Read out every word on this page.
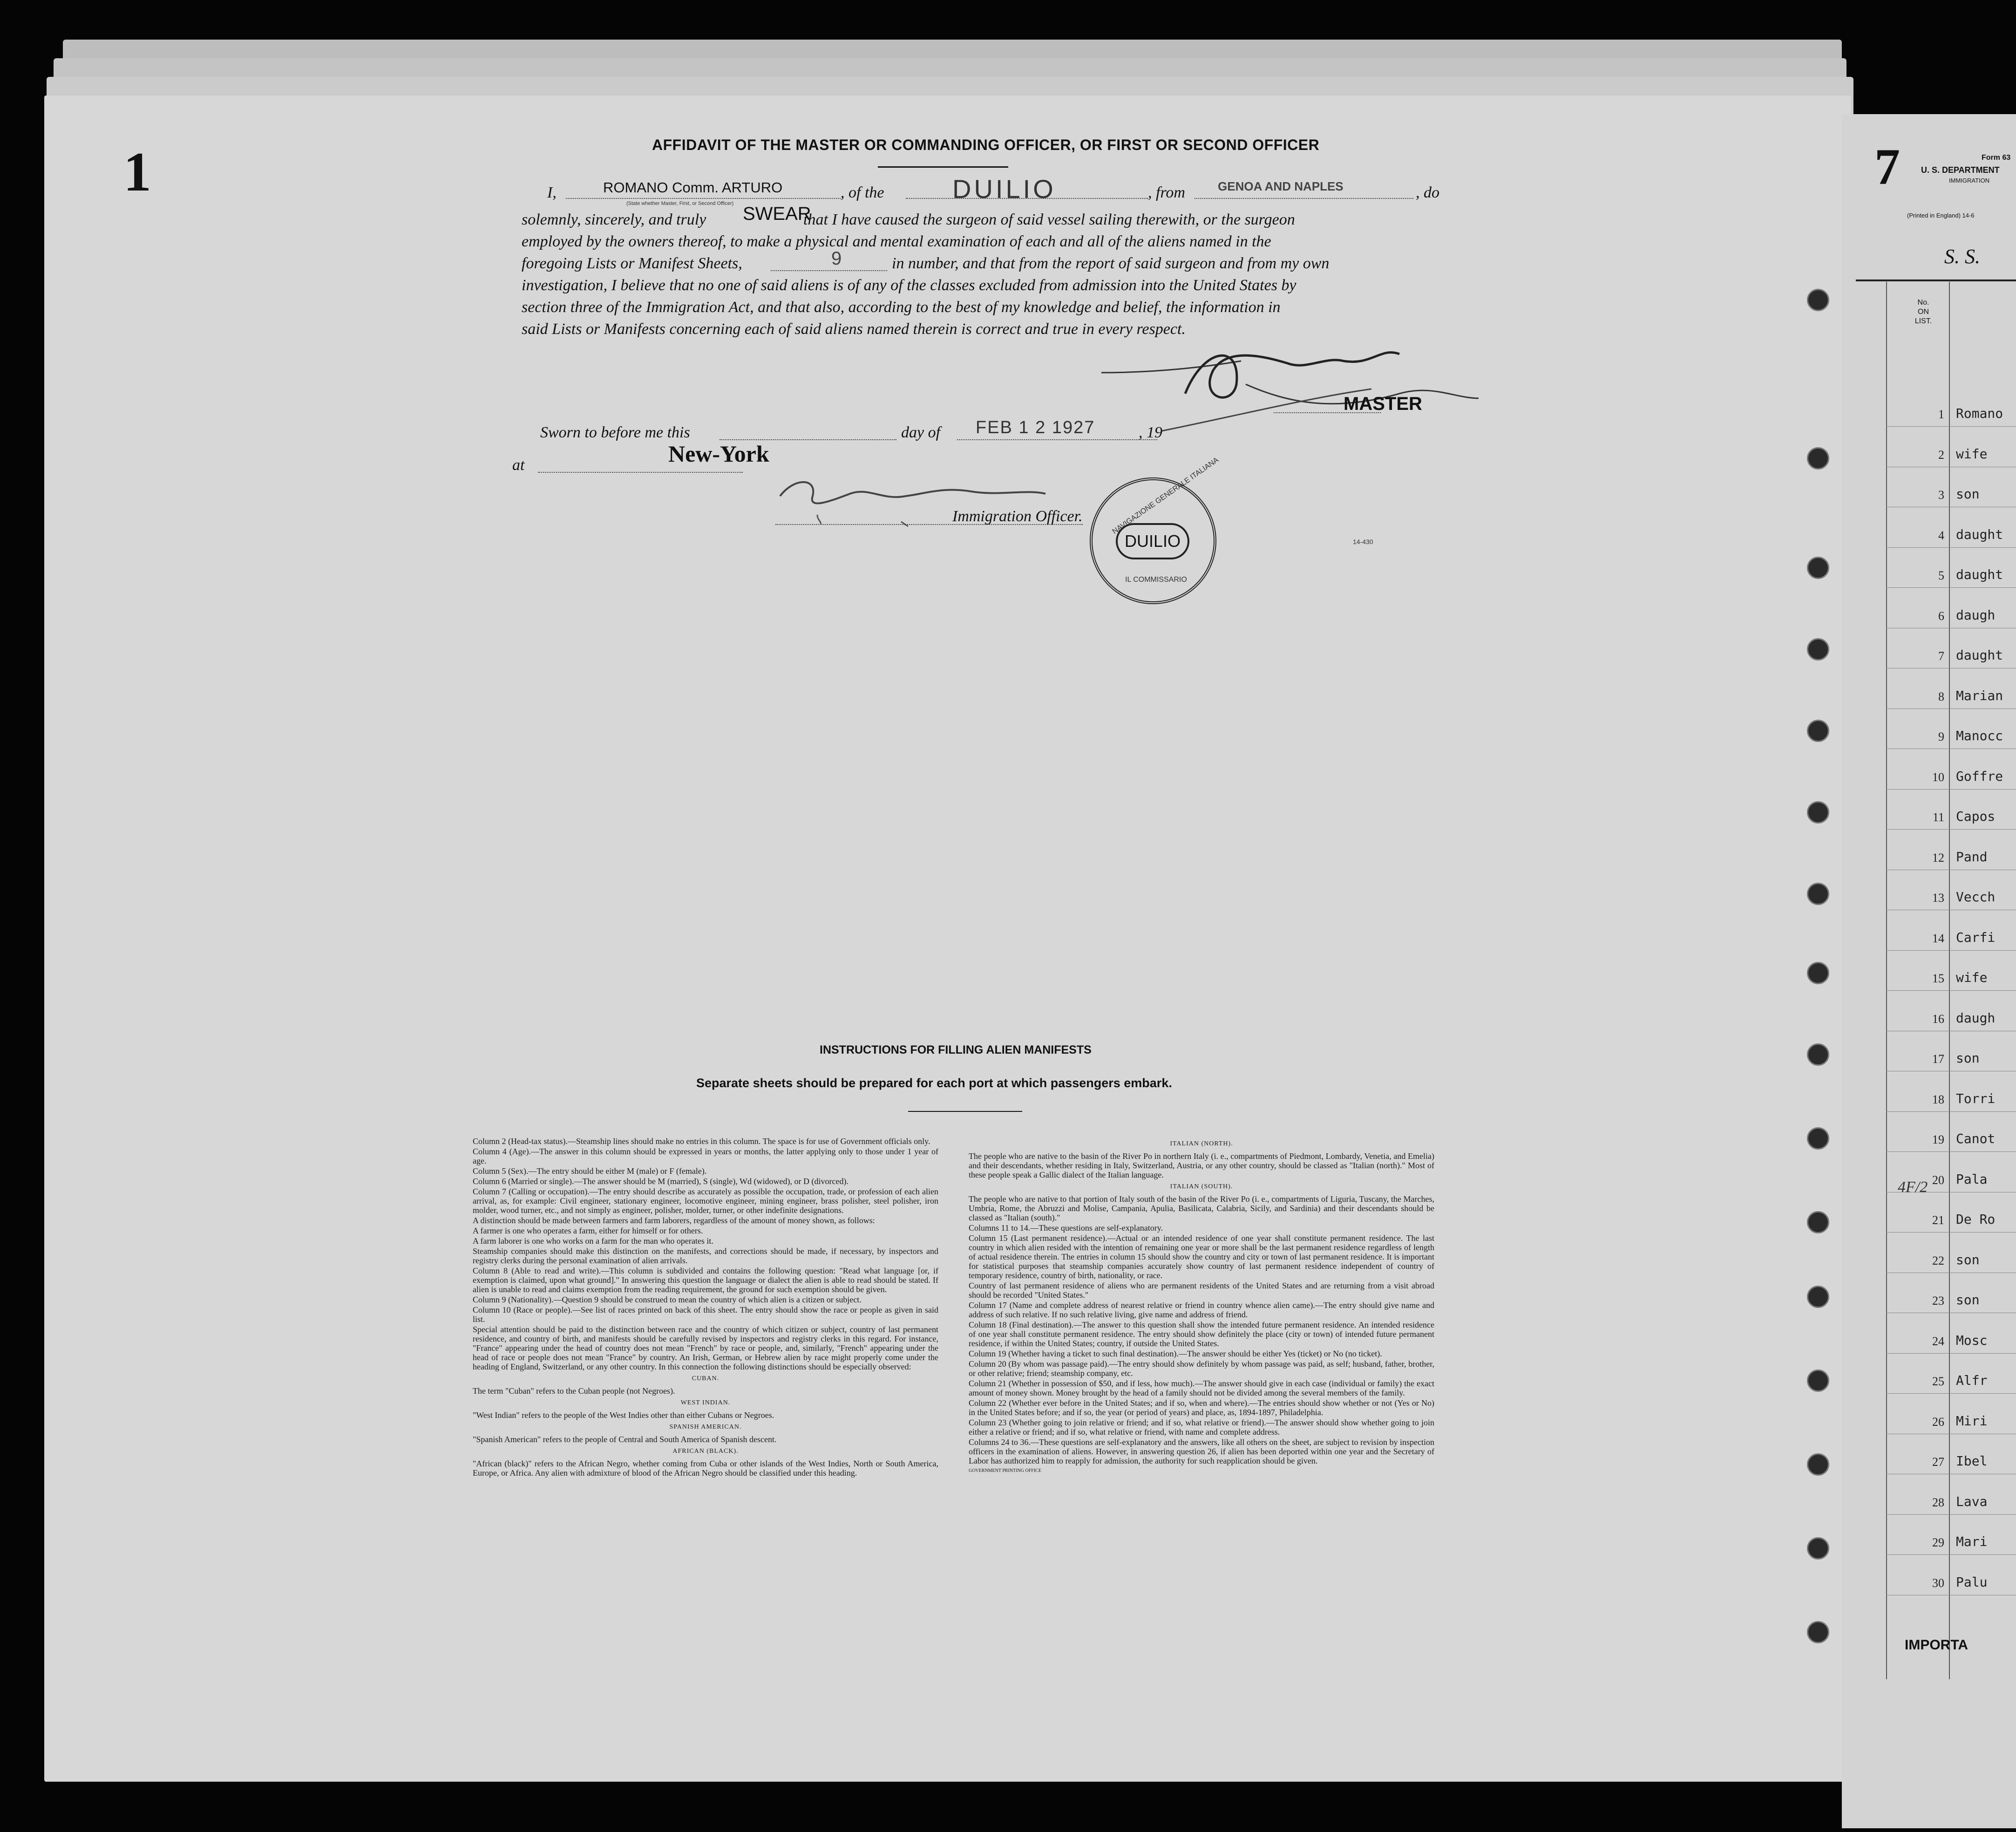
1	AFFIDAVIT OF THE MASTER OR COMMANDING OFFICER, OR FIRST OR SECOND OFFICER
I,	ROMANO Comm. ARTURO
(State whether Master, First, or Second Officer)
, of the	DUILIO	, from	GENOA AND NAPLES	, do
solemnly, sincerely, and truly SWEAR
that I have caused the surgeon of said vessel sailing therewith, or the surgeon
employed by the owners thereof, to make a physical and mental examination of each and all of the aliens named in the
foregoing Lists or Manifest Sheets,	9	in number, and that from the report of said surgeon and from my own
investigation, I believe that no one of said aliens is of any of the classes excluded from admission into the United States by
section three of the Immigration Act, and that also, according to the best of my knowledge and belief, the information in
said Lists or Manifests concerning each of said aliens named therein is correct and true in every respect.
MASTER
Sworn to before me this	day of FEB 1 2 1927	, 19
at	New-York
Immigration Officer.	NAVIGAZIONE GENERALE ITALIANA
DUILIO
IL COMMISSARIO
14-430
INSTRUCTIONS FOR FILLING ALIEN MANIFESTS
Separate sheets should be prepared for each port at which passengers embark.

Column 2 (Head-tax status).—Steamship lines should make no entries in this column. The space is for use of Government officials only.

Column 4 (Age).—The answer in this column should be expressed in years or months, the latter applying only to those under 1 year of age.

Column 5 (Sex).—The entry should be either M (male) or F (female).

Column 6 (Married or single).—The answer should be M (married), S (single), Wd (widowed), or D (divorced).

Column 7 (Calling or occupation).—The entry should describe as accurately as possible the occupation, trade, or profession of each alien arrival, as, for example: Civil engineer, stationary engineer, locomotive engineer, mining engineer, brass polisher, steel polisher, iron molder, wood turner, etc., and not simply as engineer, polisher, molder, turner, or other indefinite designations.

A distinction should be made between farmers and farm laborers, regardless of the amount of money shown, as follows:

A farmer is one who operates a farm, either for himself or for others.

A farm laborer is one who works on a farm for the man who operates it.

Steamship companies should make this distinction on the manifests, and corrections should be made, if necessary, by inspectors and registry clerks during the personal examination of alien arrivals.

Column 8 (Able to read and write).—This column is subdivided and contains the following question: "Read what language [or, if exemption is claimed, upon what ground]." In answering this question the language or dialect the alien is able to read should be stated. If alien is unable to read and claims exemption from the reading requirement, the ground for such exemption should be given.

Column 9 (Nationality).—Question 9 should be construed to mean the country of which alien is a citizen or subject.

Column 10 (Race or people).—See list of races printed on back of this sheet. The entry should show the race or people as given in said list.

Special attention should be paid to the distinction between race and the country of which citizen or subject, country of last permanent residence, and country of birth, and manifests should be carefully revised by inspectors and registry clerks in this regard. For instance, "France" appearing under the head of country does not mean "French" by race or people, and, similarly, "French" appearing under the head of race or people does not mean "France" by country. An Irish, German, or Hebrew alien by race might properly come under the heading of England, Switzerland, or any other country. In this connection the following distinctions should be especially observed:

CUBAN.

The term "Cuban" refers to the Cuban people (not Negroes).

WEST INDIAN.

"West Indian" refers to the people of the West Indies other than either Cubans or Negroes.

SPANISH AMERICAN.

"Spanish American" refers to the people of Central and South America of Spanish descent.

AFRICAN (BLACK).

"African (black)" refers to the African Negro, whether coming from Cuba or other islands of the West Indies, North or South America, Europe, or Africa. Any alien with admixture of blood of the African Negro should be classified under this heading.

ITALIAN (NORTH).

The people who are native to the basin of the River Po in northern Italy (i. e., compartments of Piedmont, Lombardy, Venetia, and Emelia) and their descendants, whether residing in Italy, Switzerland, Austria, or any other country, should be classed as "Italian (north)." Most of these people speak a Gallic dialect of the Italian language.

ITALIAN (SOUTH).

The people who are native to that portion of Italy south of the basin of the River Po (i. e., compartments of Liguria, Tuscany, the Marches, Umbria, Rome, the Abruzzi and Molise, Campania, Apulia, Basilicata, Calabria, Sicily, and Sardinia) and their descendants should be classed as "Italian (south)."

Columns 11 to 14.—These questions are self-explanatory.

Column 15 (Last permanent residence).—Actual or an intended residence of one year shall constitute permanent residence. The last country in which alien resided with the intention of remaining one year or more shall be the last permanent residence regardless of length of actual residence therein. The entries in column 15 should show the country and city or town of last permanent residence. It is important for statistical purposes that steamship companies accurately show country of last permanent residence independent of country of temporary residence, country of birth, nationality, or race.

Country of last permanent residence of aliens who are permanent residents of the United States and are returning from a visit abroad should be recorded "United States."

Column 17 (Name and complete address of nearest relative or friend in country whence alien came).—The entry should give name and address of such relative. If no such relative living, give name and address of friend.

Column 18 (Final destination).—The answer to this question shall show the intended future permanent residence. An intended residence of one year shall constitute permanent residence. The entry should show definitely the place (city or town) of intended future permanent residence, if within the United States; country, if outside the United States.

Column 19 (Whether having a ticket to such final destination).—The answer should be either Yes (ticket) or No (no ticket).

Column 20 (By whom was passage paid).—The entry should show definitely by whom passage was paid, as self; husband, father, brother, or other relative; friend; steamship company, etc.

Column 21 (Whether in possession of $50, and if less, how much).—The answer should give in each case (individual or family) the exact amount of money shown. Money brought by the head of a family should not be divided among the several members of the family.

Column 22 (Whether ever before in the United States; and if so, when and where).—The entries should show whether or not (Yes or No) in the United States before; and if so, the year (or period of years) and place, as, 1894-1897, Philadelphia.

Column 23 (Whether going to join relative or friend; and if so, what relative or friend).—The answer should show whether going to join either a relative or friend; and if so, what relative or friend, with name and complete address.

Columns 24 to 36.—These questions are self-explanatory and the answers, like all others on the sheet, are subject to revision by inspection officers in the examination of aliens. However, in answering question 26, if alien has been deported within one year and the Secretary of Labor has authorized him to reapply for admission, the authority for such reapplication should be given.

GOVERNMENT PRINTING OFFICE

7	Form 63
U. S. DEPARTMENT
IMMIGRATION
(Printed in England) 14-6
S. S.
No.
ON
LIST.
1 Romano
2 wife
3 son
4 daught
5 daught
6 daugh
7 daught
8 Marian
9 Manocc
10 Goffre
11 Capos
12 Pand
13 Vecch
14 Carfi
15 wife
16 daugh
17 son
18 Torri
19 Canot
20 Pala
21 De Ro
22 son
23 son
24 Mosc
25 Alfr
26 Miri
27 Ibel
28 Lava
29 Mari
30 Palu
4F/2
IMPORTA
